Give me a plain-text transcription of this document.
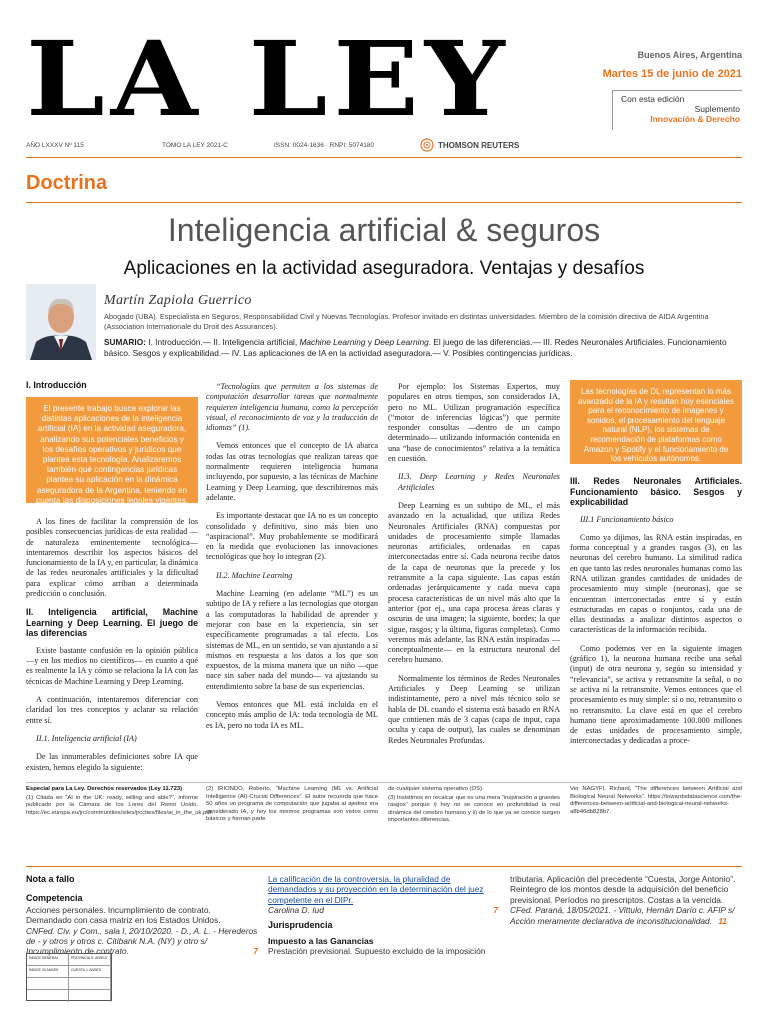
LA LEY	Buenos Aires, Argentina
Martes 15 de junio de 2021
Con esta edición
Suplemento
Innovación & Derecho
AÑO LXXXV Nº 115	TOMO LA LEY 2021-C	ISSN: 0024-1636 · RNPI: 5074180	THOMSON REUTERS
Doctrina
Inteligencia artificial & seguros
Aplicaciones en la actividad aseguradora. Ventajas y desafíos
Martín Zapiola Guerrico
Abogado (UBA). Especialista en Seguros, Responsabilidad Civil y Nuevas Tecnologías. Profesor invitado en distintas universidades. Miembro de la comisión directiva de AIDA Argentina (Association Internationale du Droit des Assurances).
SUMARIO: I. Introducción.— II. Inteligencia artificial, Machine Learning y Deep Learning. El juego de las diferencias.— III. Redes Neuronales Artificiales. Funcionamiento básico. Sesgos y explicabilidad.— IV. Las aplicaciones de IA en la actividad aseguradora.— V. Posibles contingencias jurídicas.
I. Introducción
El presente trabajo busca explorar las distintas aplicaciones de la inteligencia artificial (IA) en la actividad aseguradora, analizando sus potenciales beneficios y los desafíos operativos y jurídicos que plantea esta tecnología. Analizaremos también qué contingencias jurídicas plantea su aplicación en la dinámica aseguradora de la Argentina, teniendo en cuenta las disposiciones legales vigentes.

A los fines de facilitar la comprensión de los posibles consecuencias jurídicas de esta realidad —de naturaleza eminentemente tecnológica— intentaremos describir los aspectos básicos del funcionamiento de la IA y, en particular, la dinámica de las redes neuronales artificiales y la dificultad para explicar cómo arriban a determinada predicción o conclusión.

II. Inteligencia artificial, Machine Learning y Deep Learning. El juego de las diferencias

Existe bastante confusión en la opinión pública —y en los medios no científicos— en cuanto a qué es realmente la IA y cómo se relaciona la IA con las técnicas de Machine Learning y Deep Learning.

A continuación, intentaremos diferenciar con claridad los tres conceptos y aclarar su relación entre sí.

II.1. Inteligencia artificial (IA)

De las innumerables definiciones sobre IA que existen, hemos elegido la siguiente:

“Tecnologías que permiten a los sistemas de computación desarrollar tareas que normalmente requieren inteligencia humana, como la percepción visual, el reconocimiento de voz y la traducción de idiomas” (1).

Vemos entonces que el concepto de IA abarca todas las otras tecnologías que realizan tareas que normalmente requieren inteligencia humana incluyendo, por supuesto, a las técnicas de Machine Learning y Deep Learning, que describiremos más adelante.

Es importante destacar que IA no es un concepto consolidado y definitivo, sino más bien uno “aspiracional”. Muy probablemente se modificará en la medida que evolucionen las innovaciones tecnológicas que hoy lo integran (2).

II.2. Machine Learning

Machine Learning (en adelante “ML”) es un subtipo de IA y refiere a las tecnologías que otorgan a las computadoras la habilidad de aprender y mejorar con base en la experiencia, sin ser específicamente programadas a tal efecto. Los sistemas de ML, en un sentido, se van ajustando a sí mismos en respuesta a los datos a los que son expuestos, de la misma manera que un niño —que nace sin saber nada del mundo— va ajustando su entendimiento sobre la base de sus experiencias.

Vemos entonces que ML está incluida en el concepto más amplio de IA: toda tecnología de ML es IA, pero no toda IA es ML.

Por ejemplo: los Sistemas Expertos, muy populares en otros tiempos, son considerados IA, pero no ML. Utilizan programación específica (“motor de inferencias lógicas”) que permite responder consultas —dentro de un campo determinado— utilizando información contenida en una “base de conocimientos” relativa a la temática en cuestión.

II.3. Deep Learning y Redes Neuronales Artificiales

Deep Learning es un subtipo de ML, el más avanzado en la actualidad, que utiliza Redes Neuronales Artificiales (RNA) compuestas por unidades de procesamiento simple llamadas neuronas artificiales, ordenadas en capas interconectadas entre sí. Cada neurona recibe datos de la capa de neuronas que la precede y los retransmite a la capa siguiente. Las capas están ordenadas jerárquicamente y cada nueva capa procesa características de un nivel más alto que la anterior (por ej., una capa procesa áreas claras y oscuras de una imagen; la siguiente, bordes; la que sigue, rasgos; y la última, figuras completas). Como veremos más adelante, las RNA están inspiradas —conceptualmente— en la estructura neuronal del cerebro humano.

Normalmente los términos de Redes Neuronales Artificiales y Deep Learning se utilizan indistintamente, pero a nivel más técnico solo se habla de DL cuando el sistema está basado en RNA que contienen más de 3 capas (capa de input, capa oculta y capa de output), las cuales se denominan Redes Neuronales Profundas.

Las tecnologías de DL representan lo más avanzado de la IA y resultan hoy esenciales para el reconocimiento de imágenes y sonidos, el procesamiento del lenguaje natural (NLP), los sistemas de recomendación de plataformas como Amazon y Spotify y el funcionamiento de los vehículos autónomos.
III. Redes Neuronales Artificiales. Funcionamiento básico. Sesgos y explicabilidad
III.1 Funcionamiento básico

Como ya dijimos, las RNA están inspiradas, en forma conceptual y a grandes rasgos (3), en las neuronas del cerebro humano. La similitud radica en que tanto las redes neuronales humanas como las RNA utilizan grandes cantidades de unidades de procesamiento muy simple (neuronas), que se encuentran interconectadas entre sí y están estructuradas en capas o conjuntos, cada una de ellas destinadas a analizar distintos aspectos o características de la información recibida.

Como podemos ver en la siguiente imagen (gráfico 1), la neurona humana recibe una señal (input) de otra neurona y, según su intensidad y “relevancia”, se activa y retransmite la señal, o no se activa ni la retransmite. Vemos entonces que el procesamiento es muy simple: sí o no, retransmito o no retransmito. La clave está en que el cerebro humano tiene aproximadamente 100.000 millones de estas unidades de procesamiento simple, interconectadas y dedicadas a proce-

Especial para La Ley. Derechos reservados (Ley 11.723)

(1) Citada en “AI in the UK: ready, willing and able?”, informe publicado por la Cámara de los Lores del Reino Unido. https://ec.europa.eu/jrc/communities/sites/jrccties/files/ai_in_the_uk.pdf.

(2) IRIONDO, Roberto, “Machine Learning (ML vs. Artificial Intelligence (AI)-Crucial Differences”. El autor recuerda que hace 50 años un programa de computación que jugaba al ajedrez era considerado IA, y hoy los mismos programas son vistos como básicos y forman parte

de cualquier sistema operativo (OS).

(3) Insistimos en recalcar que es una mera “inspiración a grandes rasgos” porque i) hoy no se conoce en profundidad la real dinámica del cerebro humano y ii) de lo que ya se conoce surgen importantes diferencias.

Ver NAGYFI, Richard, “The differences between Artificial and Biological Neural Networks”. https://towardsdatascience.com/the-differences-between-artificial-and-biological-neural-networks-a8b46db828b7.

Nota a fallo
Competencia
Acciones personales. Incumplimiento de contrato. Demandado con casa matriz en los Estados Unidos.
CNFed. Civ. y Com., sala I, 20/10/2020. - D., A. L. - Herederos de - y otros y otros c. Citibank N.A. (NY) y otro s/ Incumplimiento de contrato.	7
La calificación de la controversia, la pluralidad de demandados y su proyección en la determinación del juez competente en el DIPr.
Carolina D. Iud	7
Jurisprudencia
Impuesto a las Ganancias
Prestación previsional. Supuesto excluido de la imposición
tributaria. Aplicación del precedente “Cuesta, Jorge Antonio”. Reintegro de los montos desde la adquisición del beneficio previsional. Períodos no prescriptos. Costas a la vencida.
CFed. Paraná, 18/05/2021. - Vittulo, Hernán Darío c. AFIP s/ Acción meramente declarativa de inconstitucionalidad. 11
ÍNDICE GENERAL	PROVINCIA S. ANSES
ÍNDICE 33 ANSES	CUESTA J. ANSES
